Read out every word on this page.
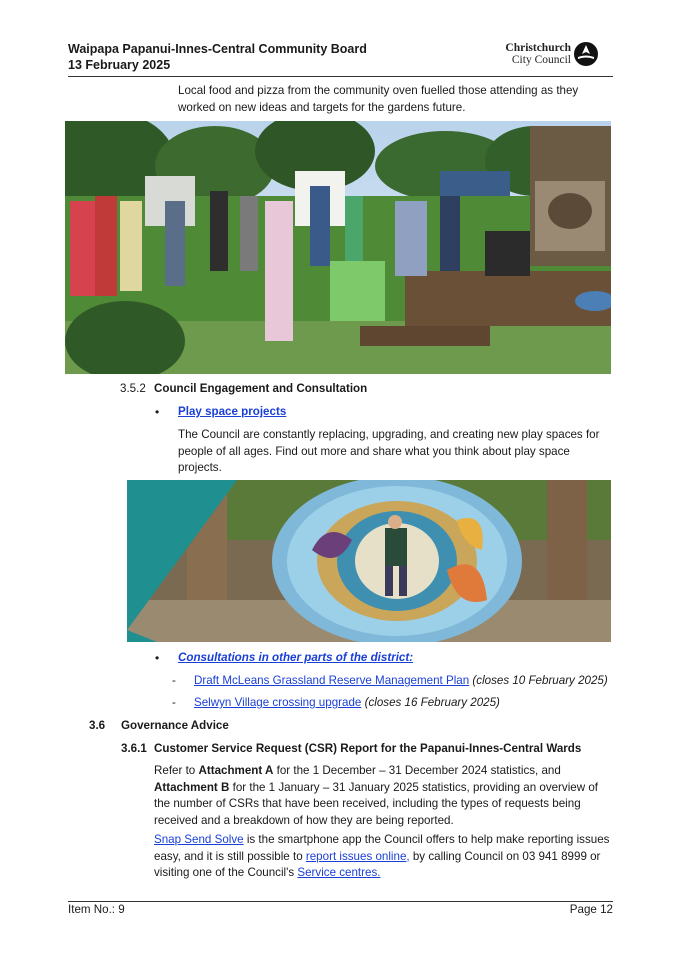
Waipapa Papanui-Innes-Central Community Board
13 February 2025
Christchurch
City Council
Local food and pizza from the community oven fuelled those attending as they worked on new ideas and targets for the gardens future.
3.5.2 Council Engagement and Consultation
• Play space projects
The Council are constantly replacing, upgrading, and creating new play spaces for people of all ages. Find out more and share what you think about play space projects.
• Consultations in other parts of the district:
- Draft McLeans Grassland Reserve Management Plan (closes 10 February 2025)
- Selwyn Village crossing upgrade (closes 16 February 2025)
3.6 Governance Advice
3.6.1 Customer Service Request (CSR) Report for the Papanui-Innes-Central Wards
Refer to Attachment A for the 1 December – 31 December 2024 statistics, and Attachment B for the 1 January – 31 January 2025 statistics, providing an overview of the number of CSRs that have been received, including the types of requests being received and a breakdown of how they are being reported.
Snap Send Solve is the smartphone app the Council offers to help make reporting issues easy, and it is still possible to report issues online, by calling Council on 03 941 8999 or visiting one of the Council's Service centres.
Item No.: 9	Page 12
